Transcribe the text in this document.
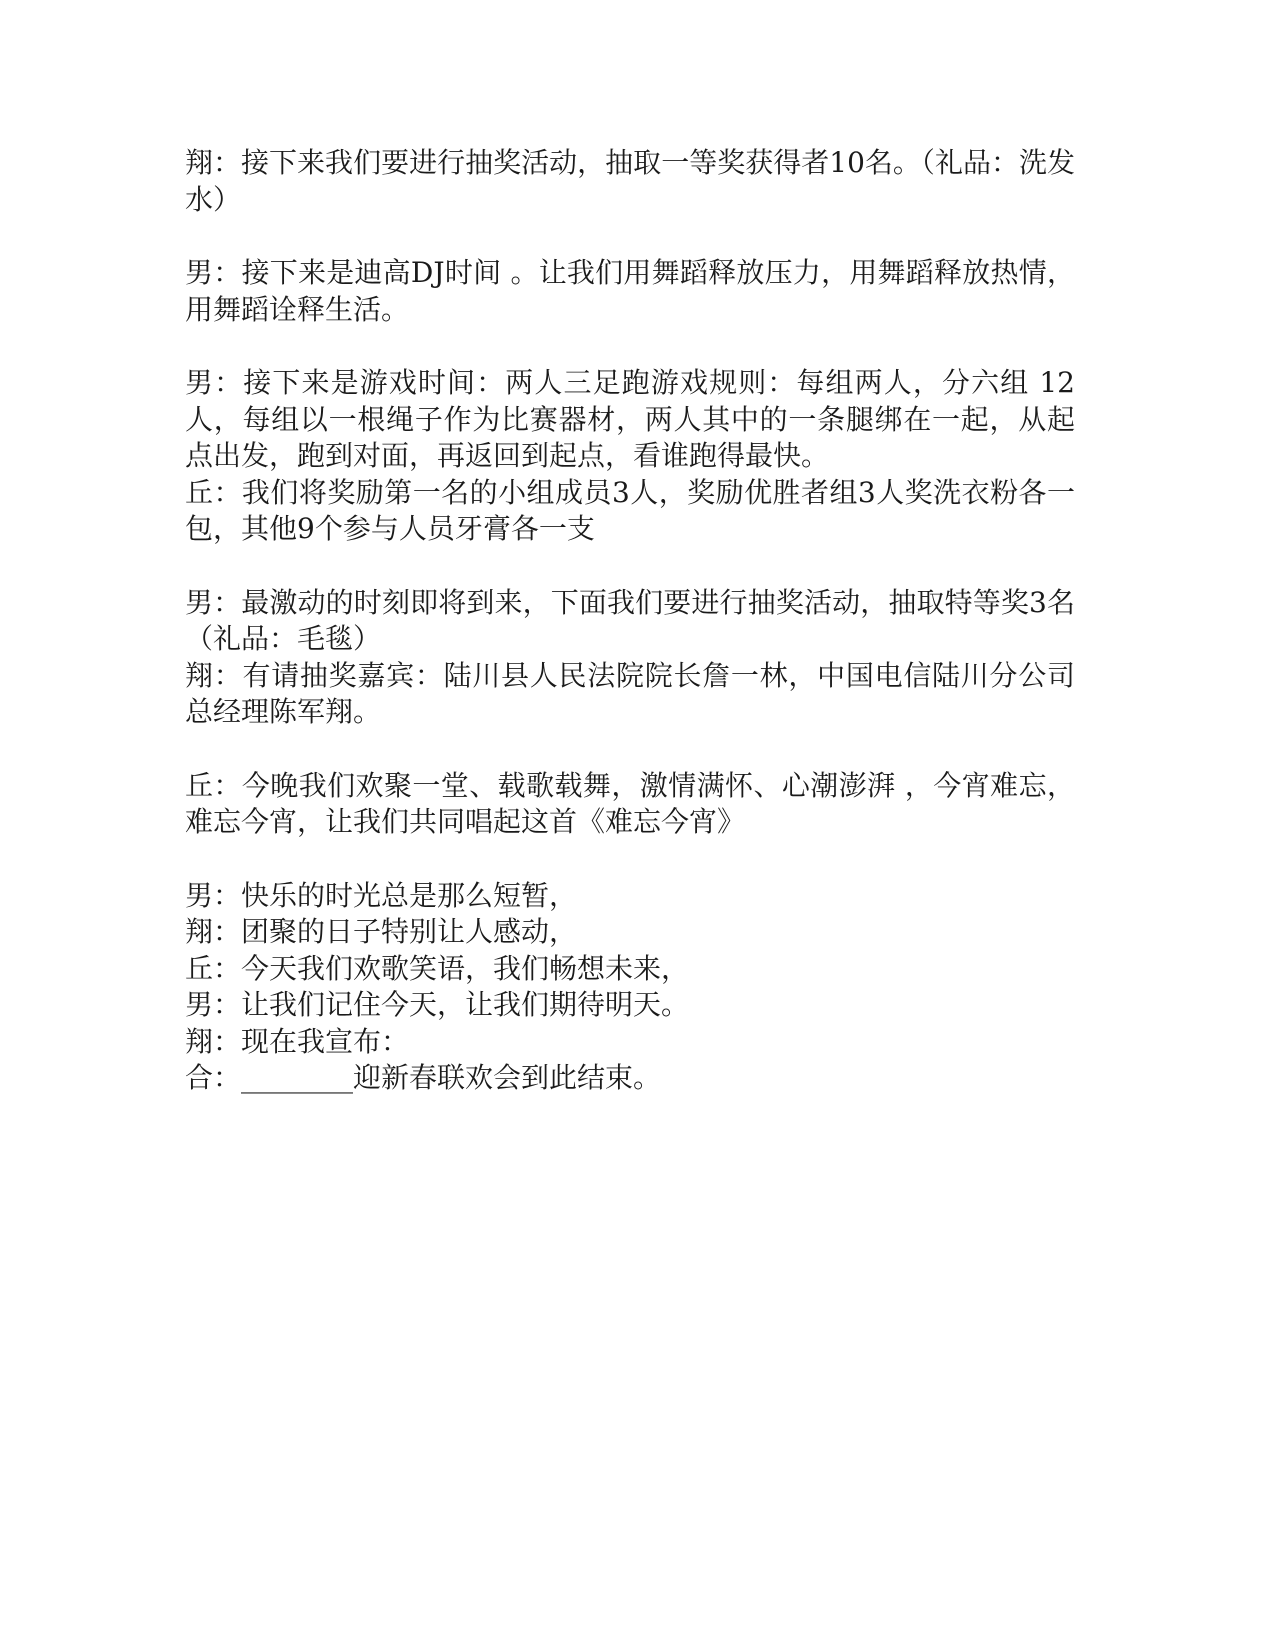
翔：接下来我们要进行抽奖活动，抽取一等奖获得者10名。（礼品：洗发水）

男：接下来是迪高DJ时间 。让我们用舞蹈释放压力，用舞蹈释放热情，用舞蹈诠释生活。

男：接下来是游戏时间：两人三足跑游戏规则：每组两人，分六组 12人，每组以一根绳子作为比赛器材，两人其中的一条腿绑在一起，从起点出发，跑到对面，再返回到起点，看谁跑得最快。

丘：我们将奖励第一名的小组成员3人，奖励优胜者组3人奖洗衣粉各一包，其他9个参与人员牙膏各一支

男：最激动的时刻即将到来，下面我们要进行抽奖活动，抽取特等奖3名（礼品：毛毯）

翔：有请抽奖嘉宾：陆川县人民法院院长詹一林，中国电信陆川分公司总经理陈军翔。

丘：今晚我们欢聚一堂、载歌载舞，激情满怀、心潮澎湃 ，今宵难忘，难忘今宵，让我们共同唱起这首《难忘今宵》

男：快乐的时光总是那么短暂，

翔：团聚的日子特别让人感动，

丘：今天我们欢歌笑语，我们畅想未来，

男：让我们记住今天，让我们期待明天。

翔：现在我宣布：

合：________迎新春联欢会到此结束。
